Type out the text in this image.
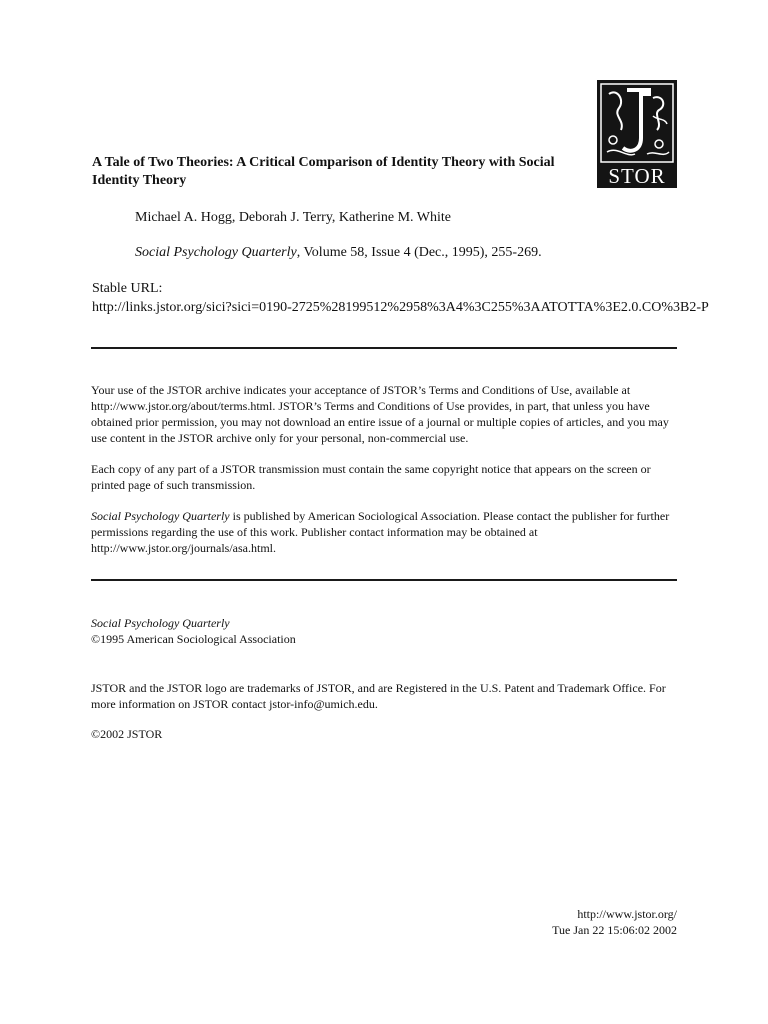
STOR
A Tale of Two Theories: A Critical Comparison of Identity Theory with Social Identity Theory
Michael A. Hogg, Deborah J. Terry, Katherine M. White
Social Psychology Quarterly, Volume 58, Issue 4 (Dec., 1995), 255-269.
Stable URL:
http://links.jstor.org/sici?sici=0190-2725%28199512%2958%3A4%3C255%3AATOTTA%3E2.0.CO%3B2-P
Your use of the JSTOR archive indicates your acceptance of JSTOR’s Terms and Conditions of Use, available at http://www.jstor.org/about/terms.html. JSTOR’s Terms and Conditions of Use provides, in part, that unless you have obtained prior permission, you may not download an entire issue of a journal or multiple copies of articles, and you may use content in the JSTOR archive only for your personal, non-commercial use.
Each copy of any part of a JSTOR transmission must contain the same copyright notice that appears on the screen or printed page of such transmission.
Social Psychology Quarterly is published by American Sociological Association. Please contact the publisher for further permissions regarding the use of this work. Publisher contact information may be obtained at http://www.jstor.org/journals/asa.html.
Social Psychology Quarterly
©1995 American Sociological Association
JSTOR and the JSTOR logo are trademarks of JSTOR, and are Registered in the U.S. Patent and Trademark Office. For more information on JSTOR contact jstor-info@umich.edu.
©2002 JSTOR
http://www.jstor.org/
Tue Jan 22 15:06:02 2002
